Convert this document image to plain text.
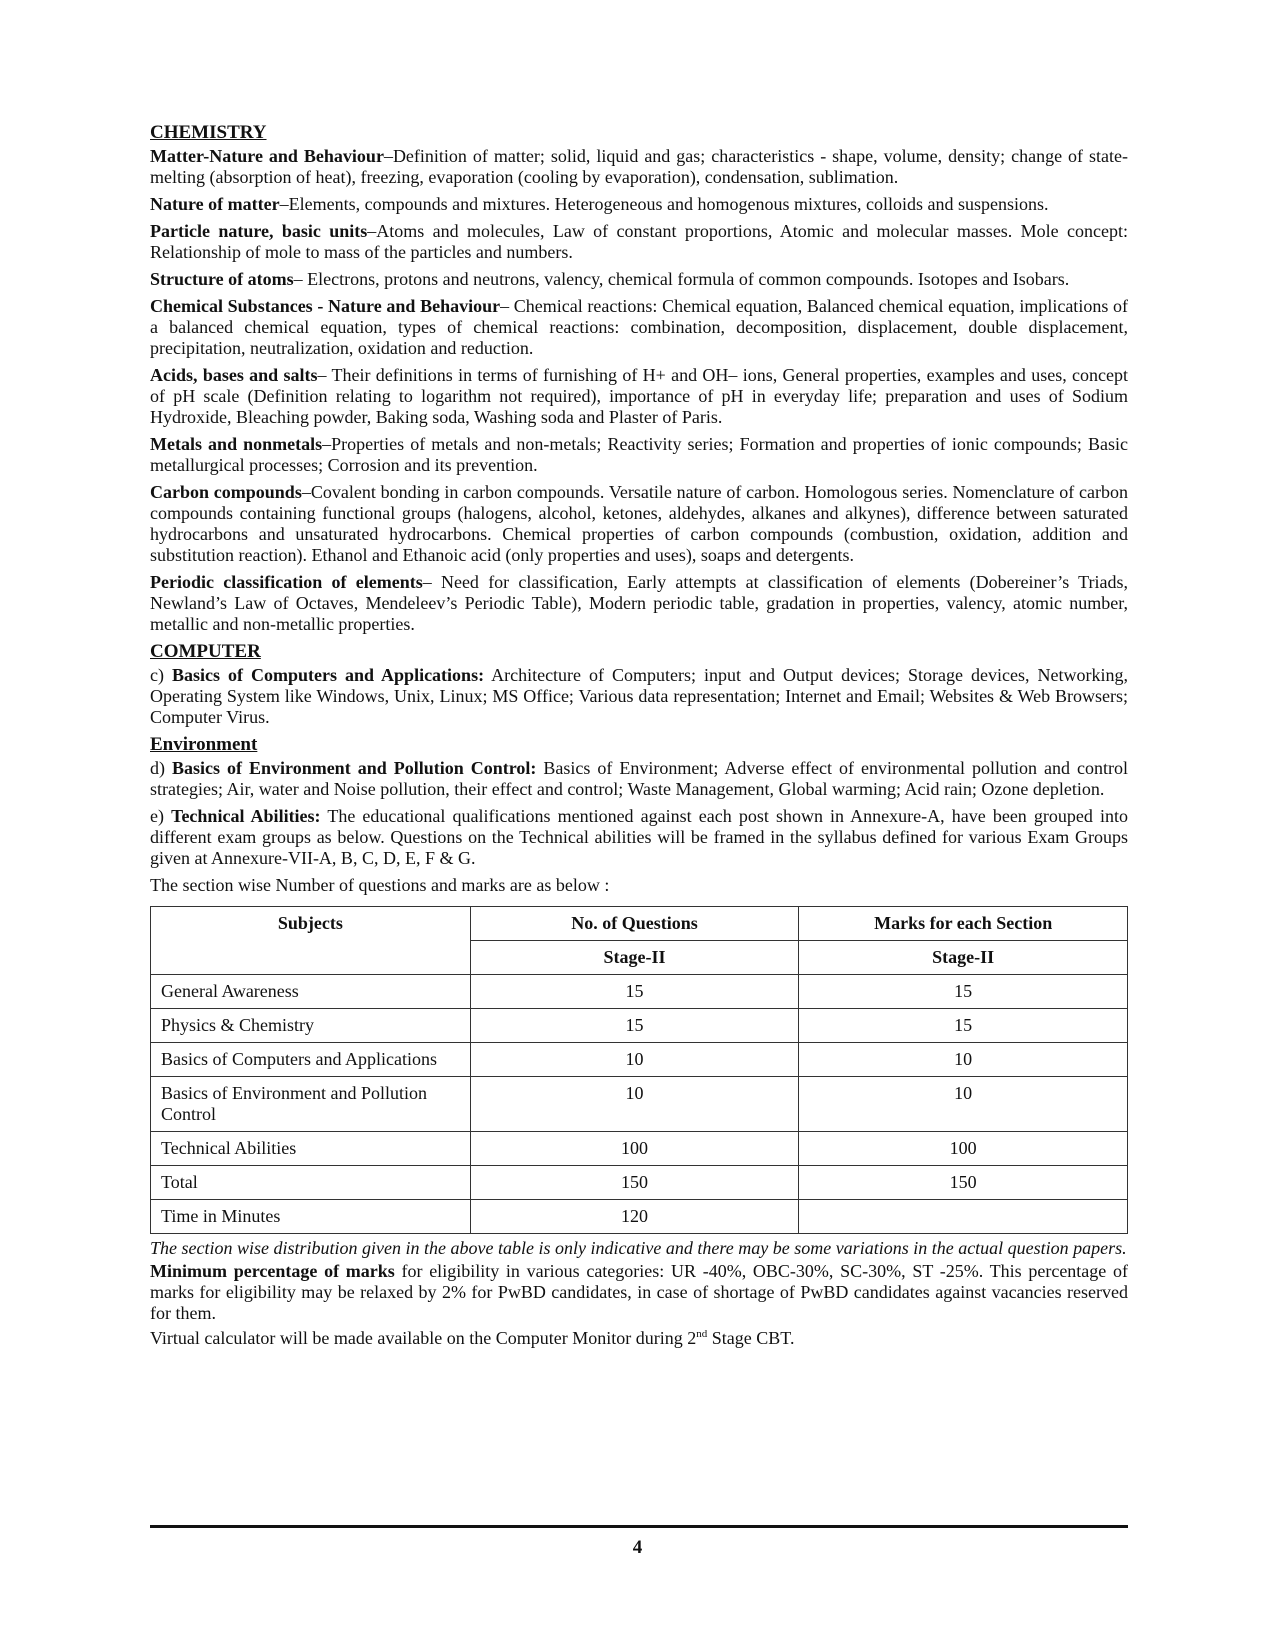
CHEMISTRY

Matter-Nature and Behaviour–Definition of matter; solid, liquid and gas; characteristics - shape, volume, density; change of state-melting (absorption of heat), freezing, evaporation (cooling by evaporation), condensation, sublimation.

Nature of matter–Elements, compounds and mixtures. Heterogeneous and homogenous mixtures, colloids and suspensions.

Particle nature, basic units–Atoms and molecules, Law of constant proportions, Atomic and molecular masses. Mole concept: Relationship of mole to mass of the particles and numbers.

Structure of atoms– Electrons, protons and neutrons, valency, chemical formula of common compounds. Isotopes and Isobars.

Chemical Substances - Nature and Behaviour– Chemical reactions: Chemical equation, Balanced chemical equation, implications of a balanced chemical equation, types of chemical reactions: combination, decomposition, displacement, double displacement, precipitation, neutralization, oxidation and reduction.

Acids, bases and salts– Their definitions in terms of furnishing of H+ and OH– ions, General properties, examples and uses, concept of pH scale (Definition relating to logarithm not required), importance of pH in everyday life; preparation and uses of Sodium Hydroxide, Bleaching powder, Baking soda, Washing soda and Plaster of Paris.

Metals and nonmetals–Properties of metals and non-metals; Reactivity series; Formation and properties of ionic compounds; Basic metallurgical processes; Corrosion and its prevention.

Carbon compounds–Covalent bonding in carbon compounds. Versatile nature of carbon. Homologous series. Nomenclature of carbon compounds containing functional groups (halogens, alcohol, ketones, aldehydes, alkanes and alkynes), difference between saturated hydrocarbons and unsaturated hydrocarbons. Chemical properties of carbon compounds (combustion, oxidation, addition and substitution reaction). Ethanol and Ethanoic acid (only properties and uses), soaps and detergents.

Periodic classification of elements– Need for classification, Early attempts at classification of elements (Dobereiner’s Triads, Newland’s Law of Octaves, Mendeleev’s Periodic Table), Modern periodic table, gradation in properties, valency, atomic number, metallic and non-metallic properties.

COMPUTER

c) Basics of Computers and Applications: Architecture of Computers; input and Output devices; Storage devices, Networking, Operating System like Windows, Unix, Linux; MS Office; Various data representation; Internet and Email; Websites & Web Browsers; Computer Virus.

Environment

d) Basics of Environment and Pollution Control: Basics of Environment; Adverse effect of environmental pollution and control strategies; Air, water and Noise pollution, their effect and control; Waste Management, Global warming; Acid rain; Ozone depletion.

e) Technical Abilities: The educational qualifications mentioned against each post shown in Annexure-A, have been grouped into different exam groups as below. Questions on the Technical abilities will be framed in the syllabus defined for various Exam Groups given at Annexure-VII-A, B, C, D, E, F & G.

The section wise Number of questions and marks are as below :
Subjects	No. of Questions	Marks for each Section
	Stage-II	Stage-II
General Awareness	15	15
Physics & Chemistry	15	15
Basics of Computers and Applications	10	10
Basics of Environment and Pollution Control	10	10
Technical Abilities	100	100
Total	150	150
Time in Minutes	120	
The section wise distribution given in the above table is only indicative and there may be some variations in the actual question papers.

Minimum percentage of marks for eligibility in various categories: UR -40%, OBC-30%, SC-30%, ST -25%. This percentage of marks for eligibility may be relaxed by 2% for PwBD candidates, in case of shortage of PwBD candidates against vacancies reserved for them.

Virtual calculator will be made available on the Computer Monitor during 2nd Stage CBT.

4
